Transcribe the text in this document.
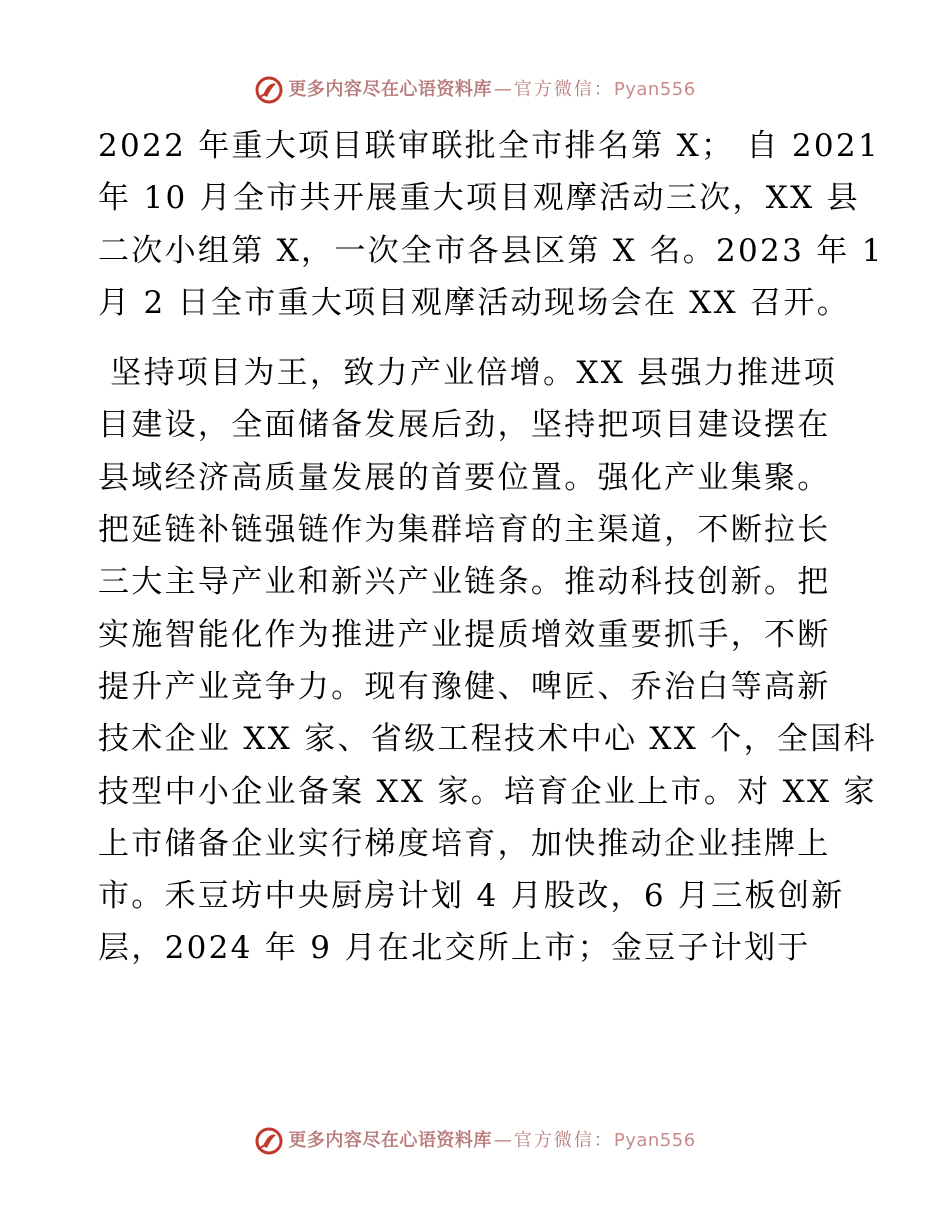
更多内容尽在心语资料库 — 官方微信： Pyan556

2022 年重大项目联审联批全市排名第 X； 自 2021
年 10 月全市共开展重大项目观摩活动三次，XX 县
二次小组第 X，一次全市各县区第 X 名。2023 年 1
月 2 日全市重大项目观摩活动现场会在 XX 召开。

坚持项目为王，致力产业倍增。XX 县强力推进项
目建设，全面储备发展后劲，坚持把项目建设摆在
县域经济高质量发展的首要位置。强化产业集聚。
把延链补链强链作为集群培育的主渠道，不断拉长
三大主导产业和新兴产业链条。推动科技创新。把
实施智能化作为推进产业提质增效重要抓手，不断
提升产业竞争力。现有豫健、啤匠、乔治白等高新
技术企业 XX 家、省级工程技术中心 XX 个，全国科
技型中小企业备案 XX 家。培育企业上市。对 XX 家
上市储备企业实行梯度培育，加快推动企业挂牌上
市。禾豆坊中央厨房计划 4 月股改，6 月三板创新
层，2024 年 9 月在北交所上市；金豆子计划于

更多内容尽在心语资料库 — 官方微信： Pyan556
